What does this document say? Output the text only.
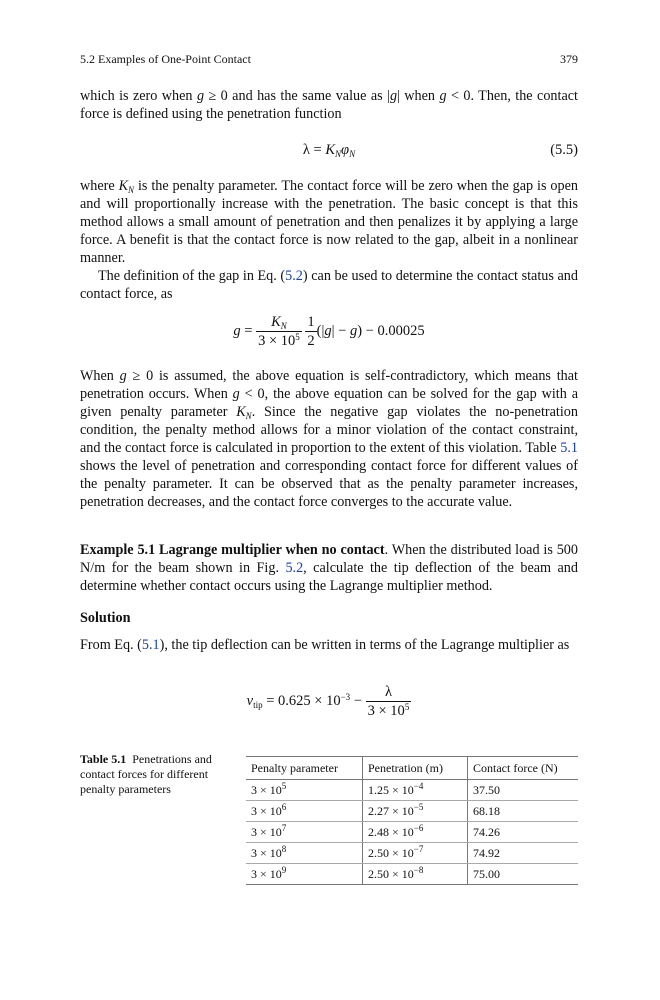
5.2 Examples of One-Point Contact	379

which is zero when g ≥ 0 and has the same value as |g| when g < 0. Then, the contact force is defined using the penetration function

$\lambda = K_N\varphi_N$	(5.5)

where $K_N$ is the penalty parameter. The contact force will be zero when the gap is open and will proportionally increase with the penetration. The basic concept is that this method allows a small amount of penetration and then penalizes it by applying a large force. A benefit is that the contact force is now related to the gap, albeit in a nonlinear manner.

The definition of the gap in Eq. (5.2) can be used to determine the contact status and contact force, as

$g = \frac{K_N}{3 \times 10^5}$
$\frac{1}{2} (|g| - g) - 0.00025$

When g ≥ 0 is assumed, the above equation is self-contradictory, which means that penetration occurs. When g < 0, the above equation can be solved for the gap with a given penalty parameter $K_N$. Since the negative gap violates the no-penetration condition, the penalty method allows for a minor violation of the contact constraint, and the contact force is calculated in proportion to the extent of this violation. Table 5.1 shows the level of penetration and corresponding contact force for different values of the penalty parameter. It can be observed that as the penalty parameter increases, penetration decreases, and the contact force converges to the accurate value.

Example 5.1 Lagrange multiplier when no contact. When the distributed load is 500 N/m for the beam shown in Fig. 5.2, calculate the tip deflection of the beam and determine whether contact occurs using the Lagrange multiplier method.

Solution

From Eq. (5.1), the tip deflection can be written in terms of the Lagrange multiplier as

$v_{tip} = 0.625 \times 10^{-3} - \frac{\lambda}{3 \times 10^5}$
Table 5.1 Penetrations and contact forces for different penalty parameters
Penalty parameter	Penetration (m)	Contact force (N)
$3 \times 10^5$	$1.25 \times 10^{-4}$	37.50
$3 \times 10^6$	$2.27 \times 10^{-5}$	68.18
$3 \times 10^7$	$2.48 \times 10^{-6}$	74.26
$3 \times 10^8$	$2.50 \times 10^{-7}$	74.92
$3 \times 10^9$	$2.50 \times 10^{-8}$	75.00
